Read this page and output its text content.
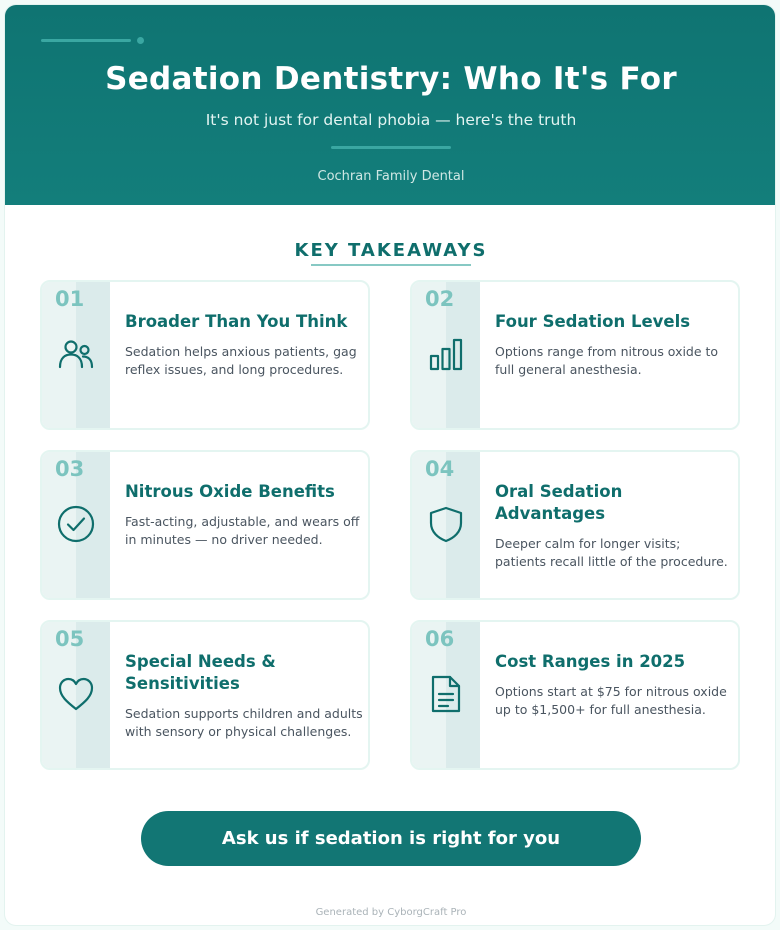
Sedation Dentistry: Who It's For
It's not just for dental phobia — here's the truth
Cochran Family Dental
KEY TAKEAWAYS
01
Broader Than You Think
Sedation helps anxious patients, gag reflex issues, and long procedures.
02
Four Sedation Levels
Options range from nitrous oxide to full general anesthesia.
03
Nitrous Oxide Benefits
Fast-acting, adjustable, and wears off in minutes — no driver needed.
04
Oral Sedation Advantages
Deeper calm for longer visits; patients recall little of the procedure.
05
Special Needs & Sensitivities
Sedation supports children and adults with sensory or physical challenges.
06
Cost Ranges in 2025
Options start at $75 for nitrous oxide up to $1,500+ for full anesthesia.
Ask us if sedation is right for you
Generated by CyborgCraft Pro
